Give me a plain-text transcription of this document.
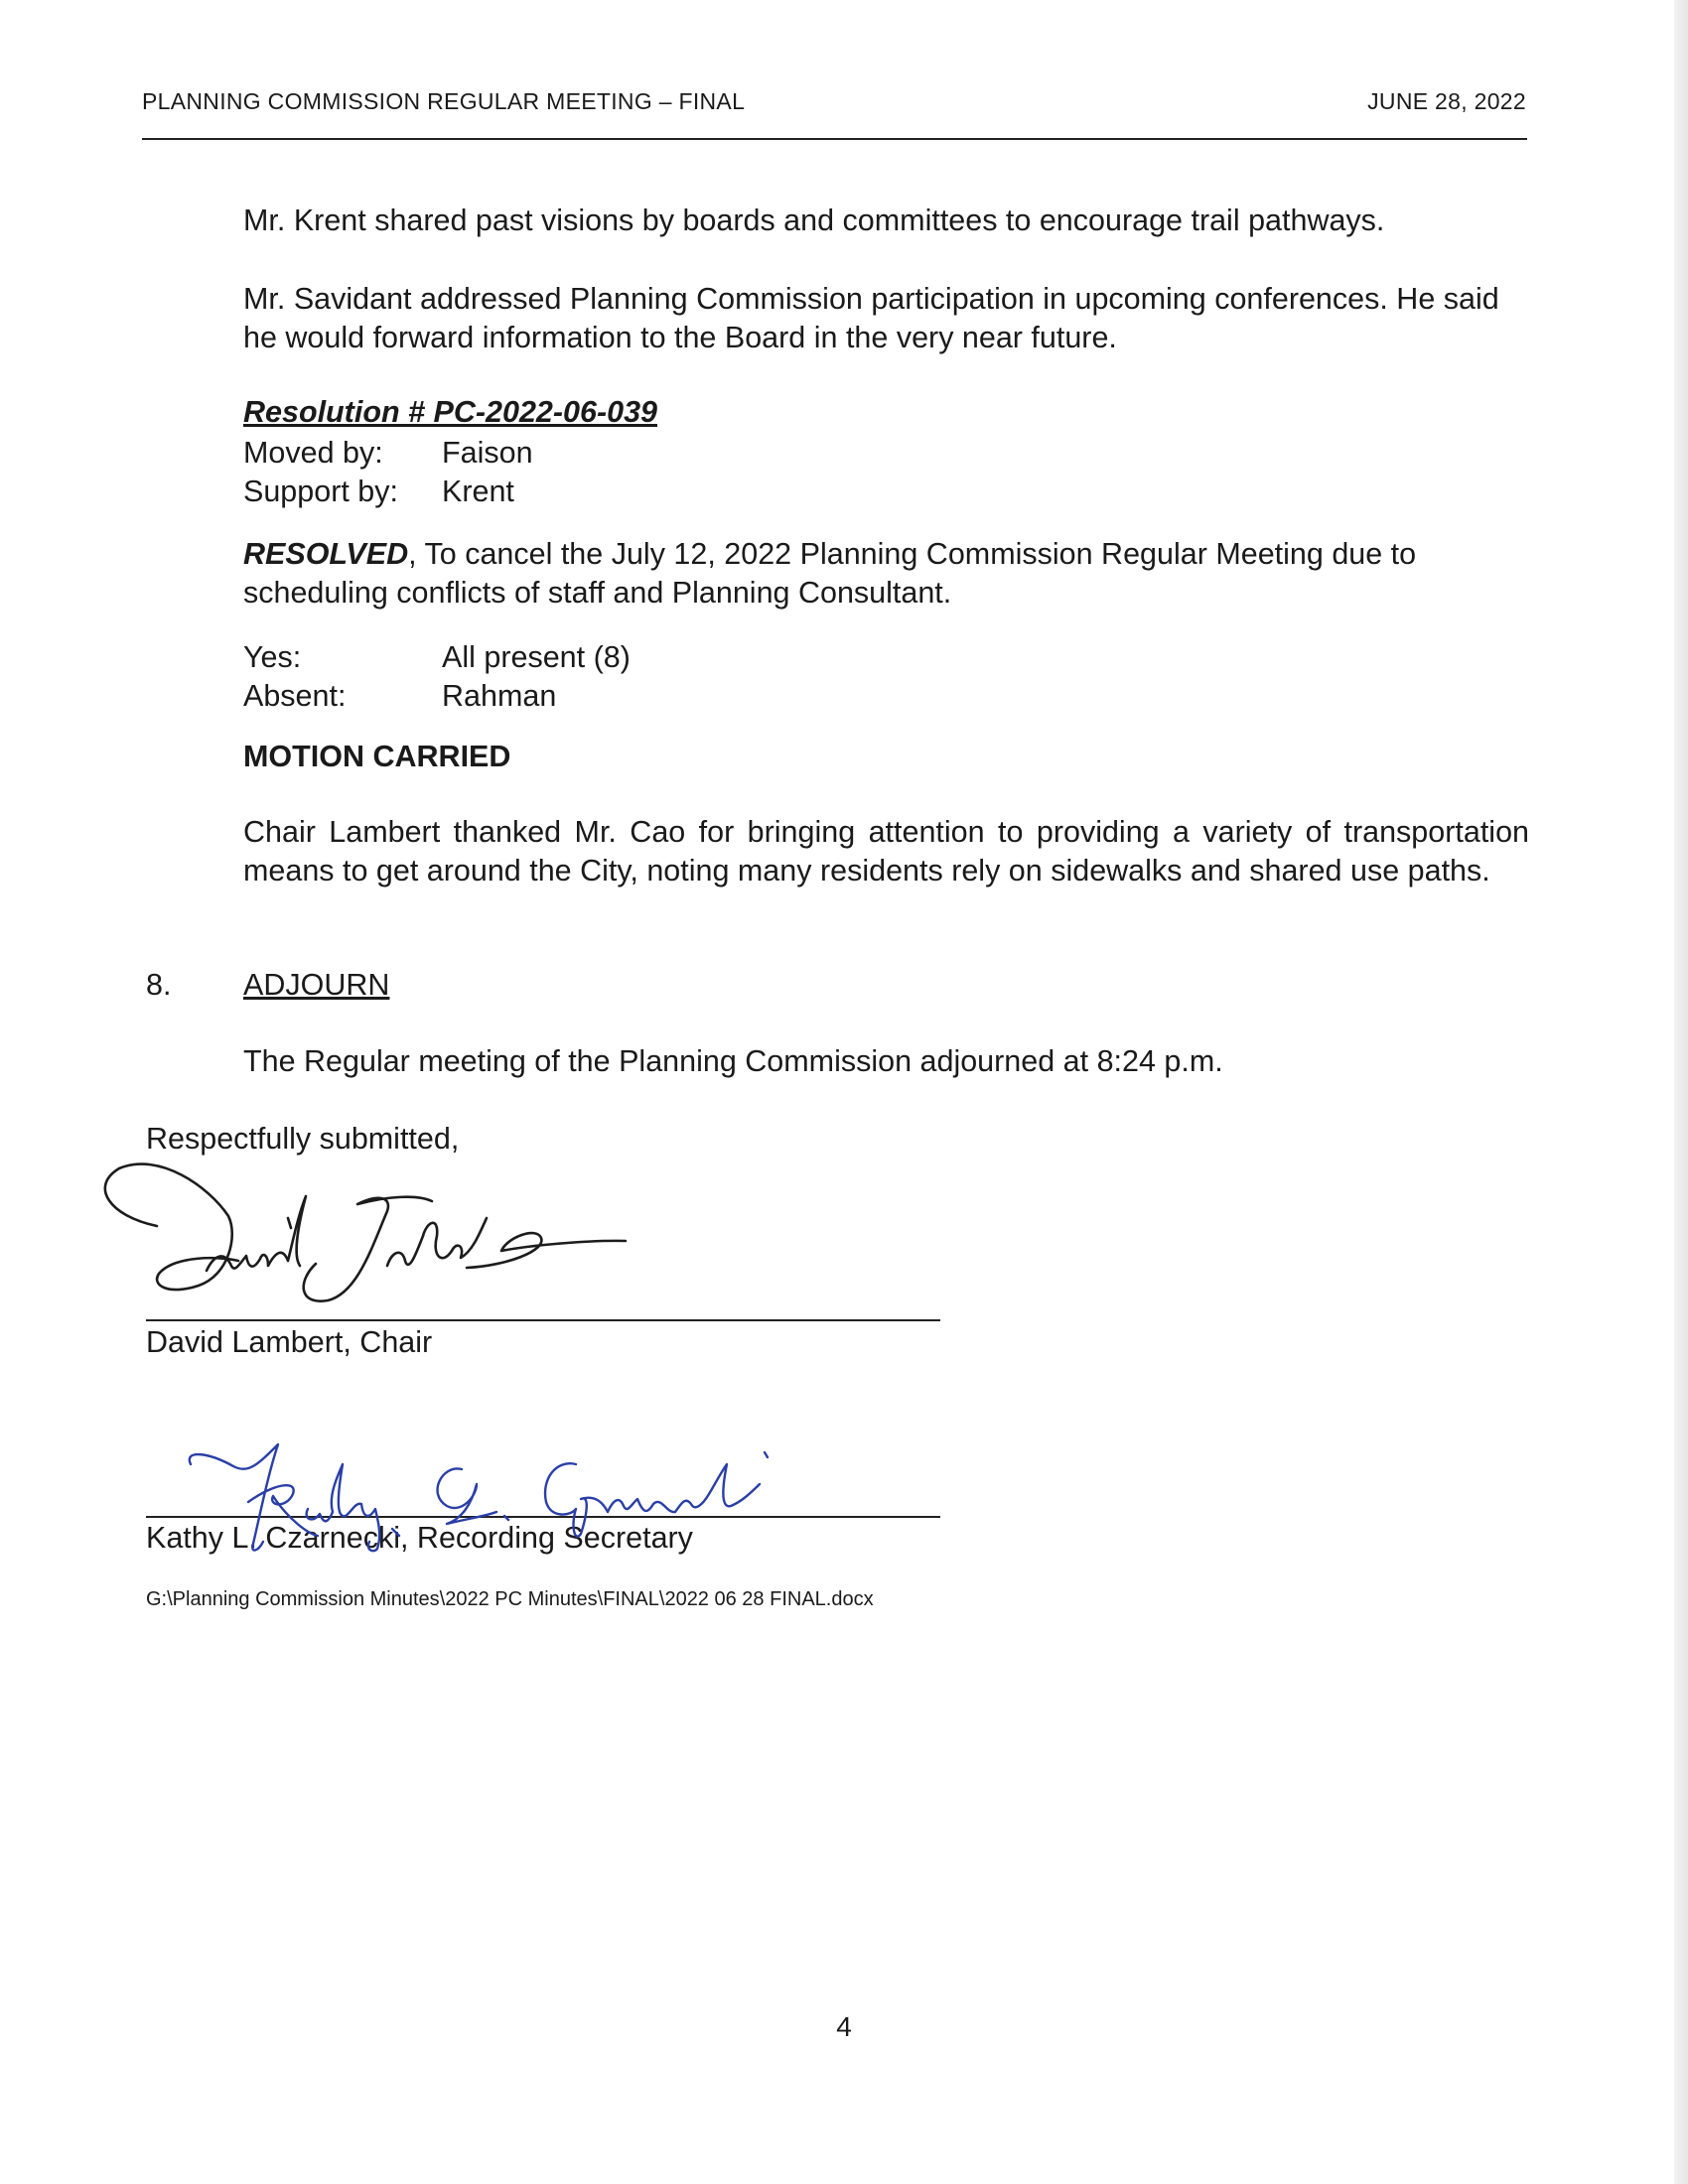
PLANNING COMMISSION REGULAR MEETING – FINAL	JUNE 28, 2022
Mr. Krent shared past visions by boards and committees to encourage trail pathways.
Mr. Savidant addressed Planning Commission participation in upcoming conferences. He said he would forward information to the Board in the very near future.
Resolution # PC-2022-06-039
Moved by: Faison
Support by: Krent
RESOLVED, To cancel the July 12, 2022 Planning Commission Regular Meeting due to scheduling conflicts of staff and Planning Consultant.
Yes:	All present (8)
Absent:	Rahman
MOTION CARRIED
Chair Lambert thanked Mr. Cao for bringing attention to providing a variety of transportation means to get around the City, noting many residents rely on sidewalks and shared use paths.
8. ADJOURN
The Regular meeting of the Planning Commission adjourned at 8:24 p.m.
Respectfully submitted,
David Lambert, Chair
Kathy L. Czarnecki, Recording Secretary
G:\Planning Commission Minutes\2022 PC Minutes\FINAL\2022 06 28 FINAL.docx
4
